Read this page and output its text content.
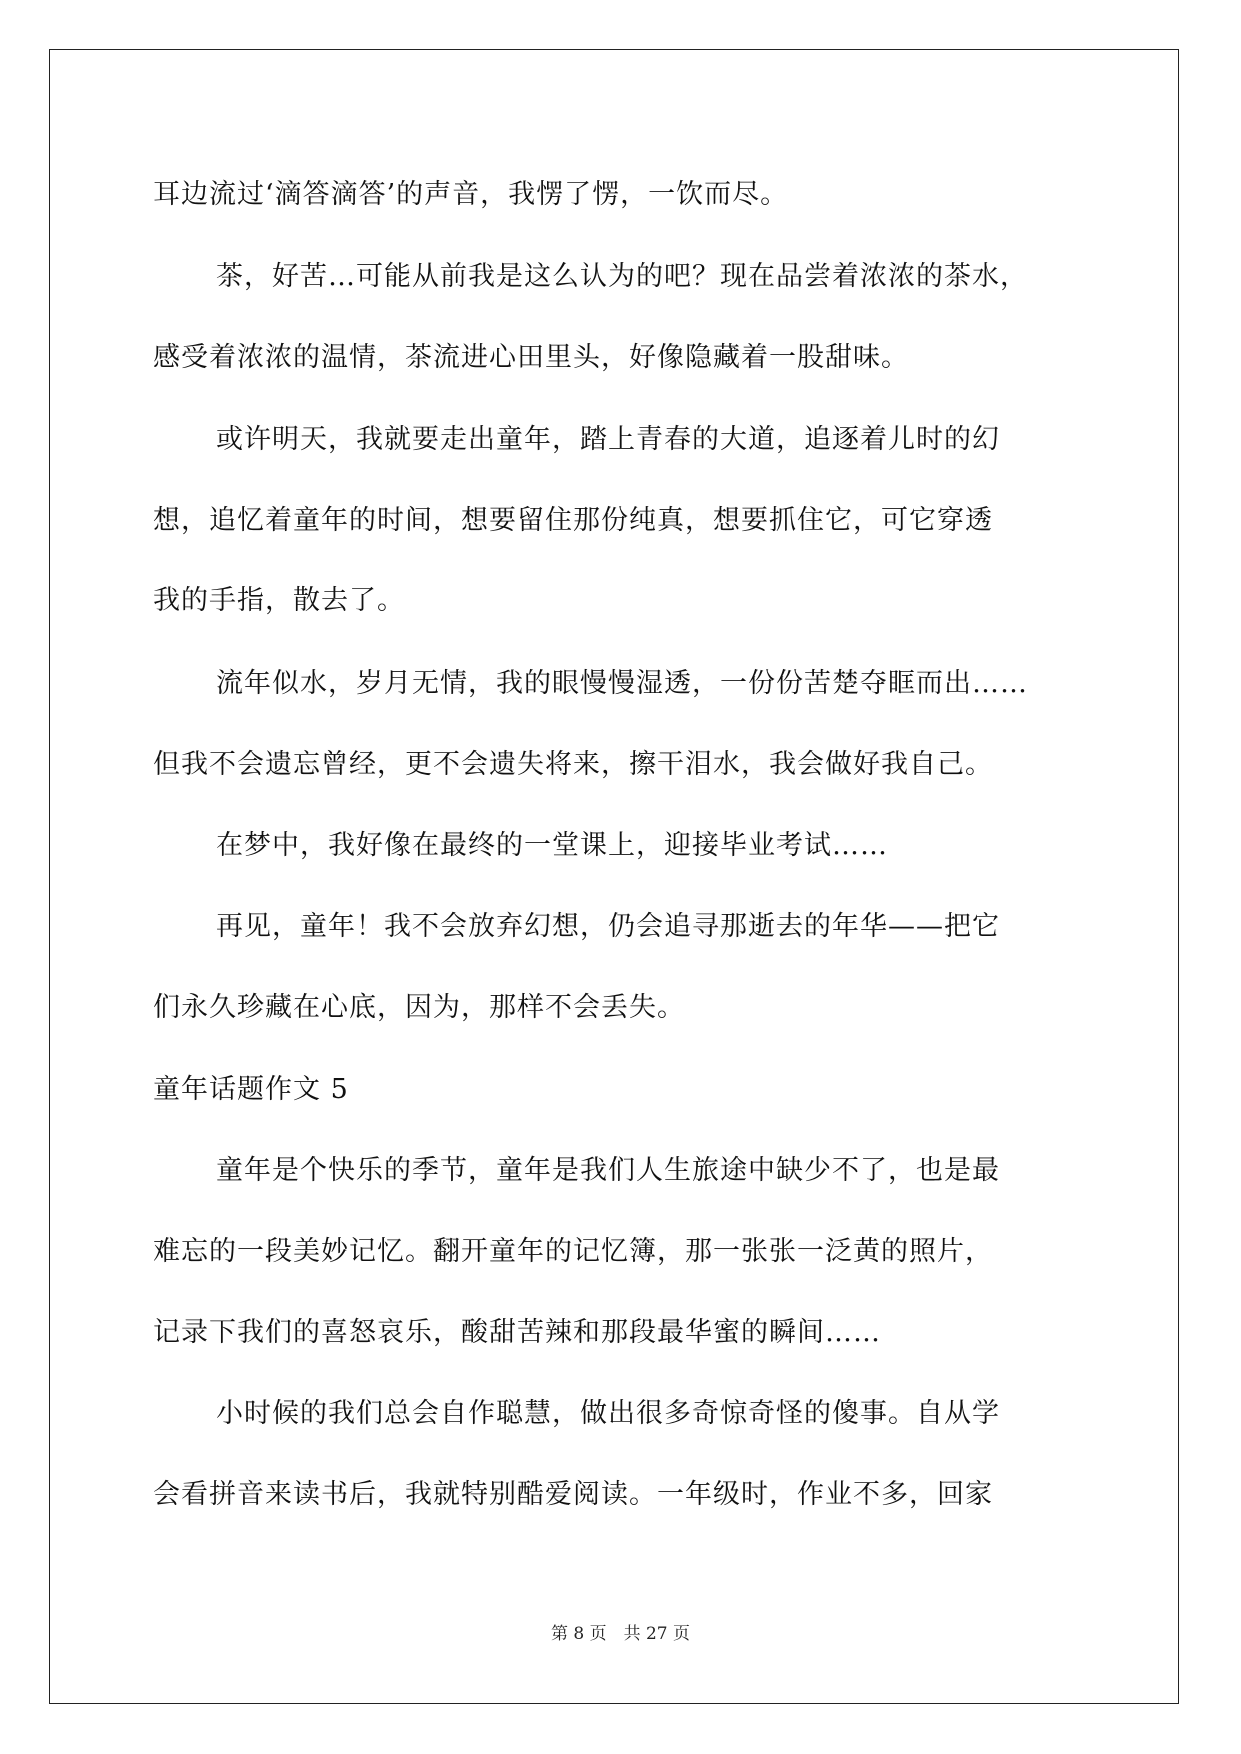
耳边流过‘滴答滴答’的声音，我愣了愣，一饮而尽。
茶，好苦…可能从前我是这么认为的吧？现在品尝着浓浓的茶水，
感受着浓浓的温情，茶流进心田里头，好像隐藏着一股甜味。
或许明天，我就要走出童年，踏上青春的大道，追逐着儿时的幻
想，追忆着童年的时间，想要留住那份纯真，想要抓住它，可它穿透
我的手指，散去了。
流年似水，岁月无情，我的眼慢慢湿透，一份份苦楚夺眶而出……
但我不会遗忘曾经，更不会遗失将来，擦干泪水，我会做好我自己。
在梦中，我好像在最终的一堂课上，迎接毕业考试……
再见，童年！我不会放弃幻想，仍会追寻那逝去的年华——把它
们永久珍藏在心底，因为，那样不会丢失。
童年话题作文 5
童年是个快乐的季节，童年是我们人生旅途中缺少不了，也是最
难忘的一段美妙记忆。翻开童年的记忆簿，那一张张一泛黄的照片，
记录下我们的喜怒哀乐，酸甜苦辣和那段最华蜜的瞬间……
小时候的我们总会自作聪慧，做出很多奇惊奇怪的傻事。自从学
会看拼音来读书后，我就特别酷爱阅读。一年级时，作业不多，回家
第 8 页　共 27 页
